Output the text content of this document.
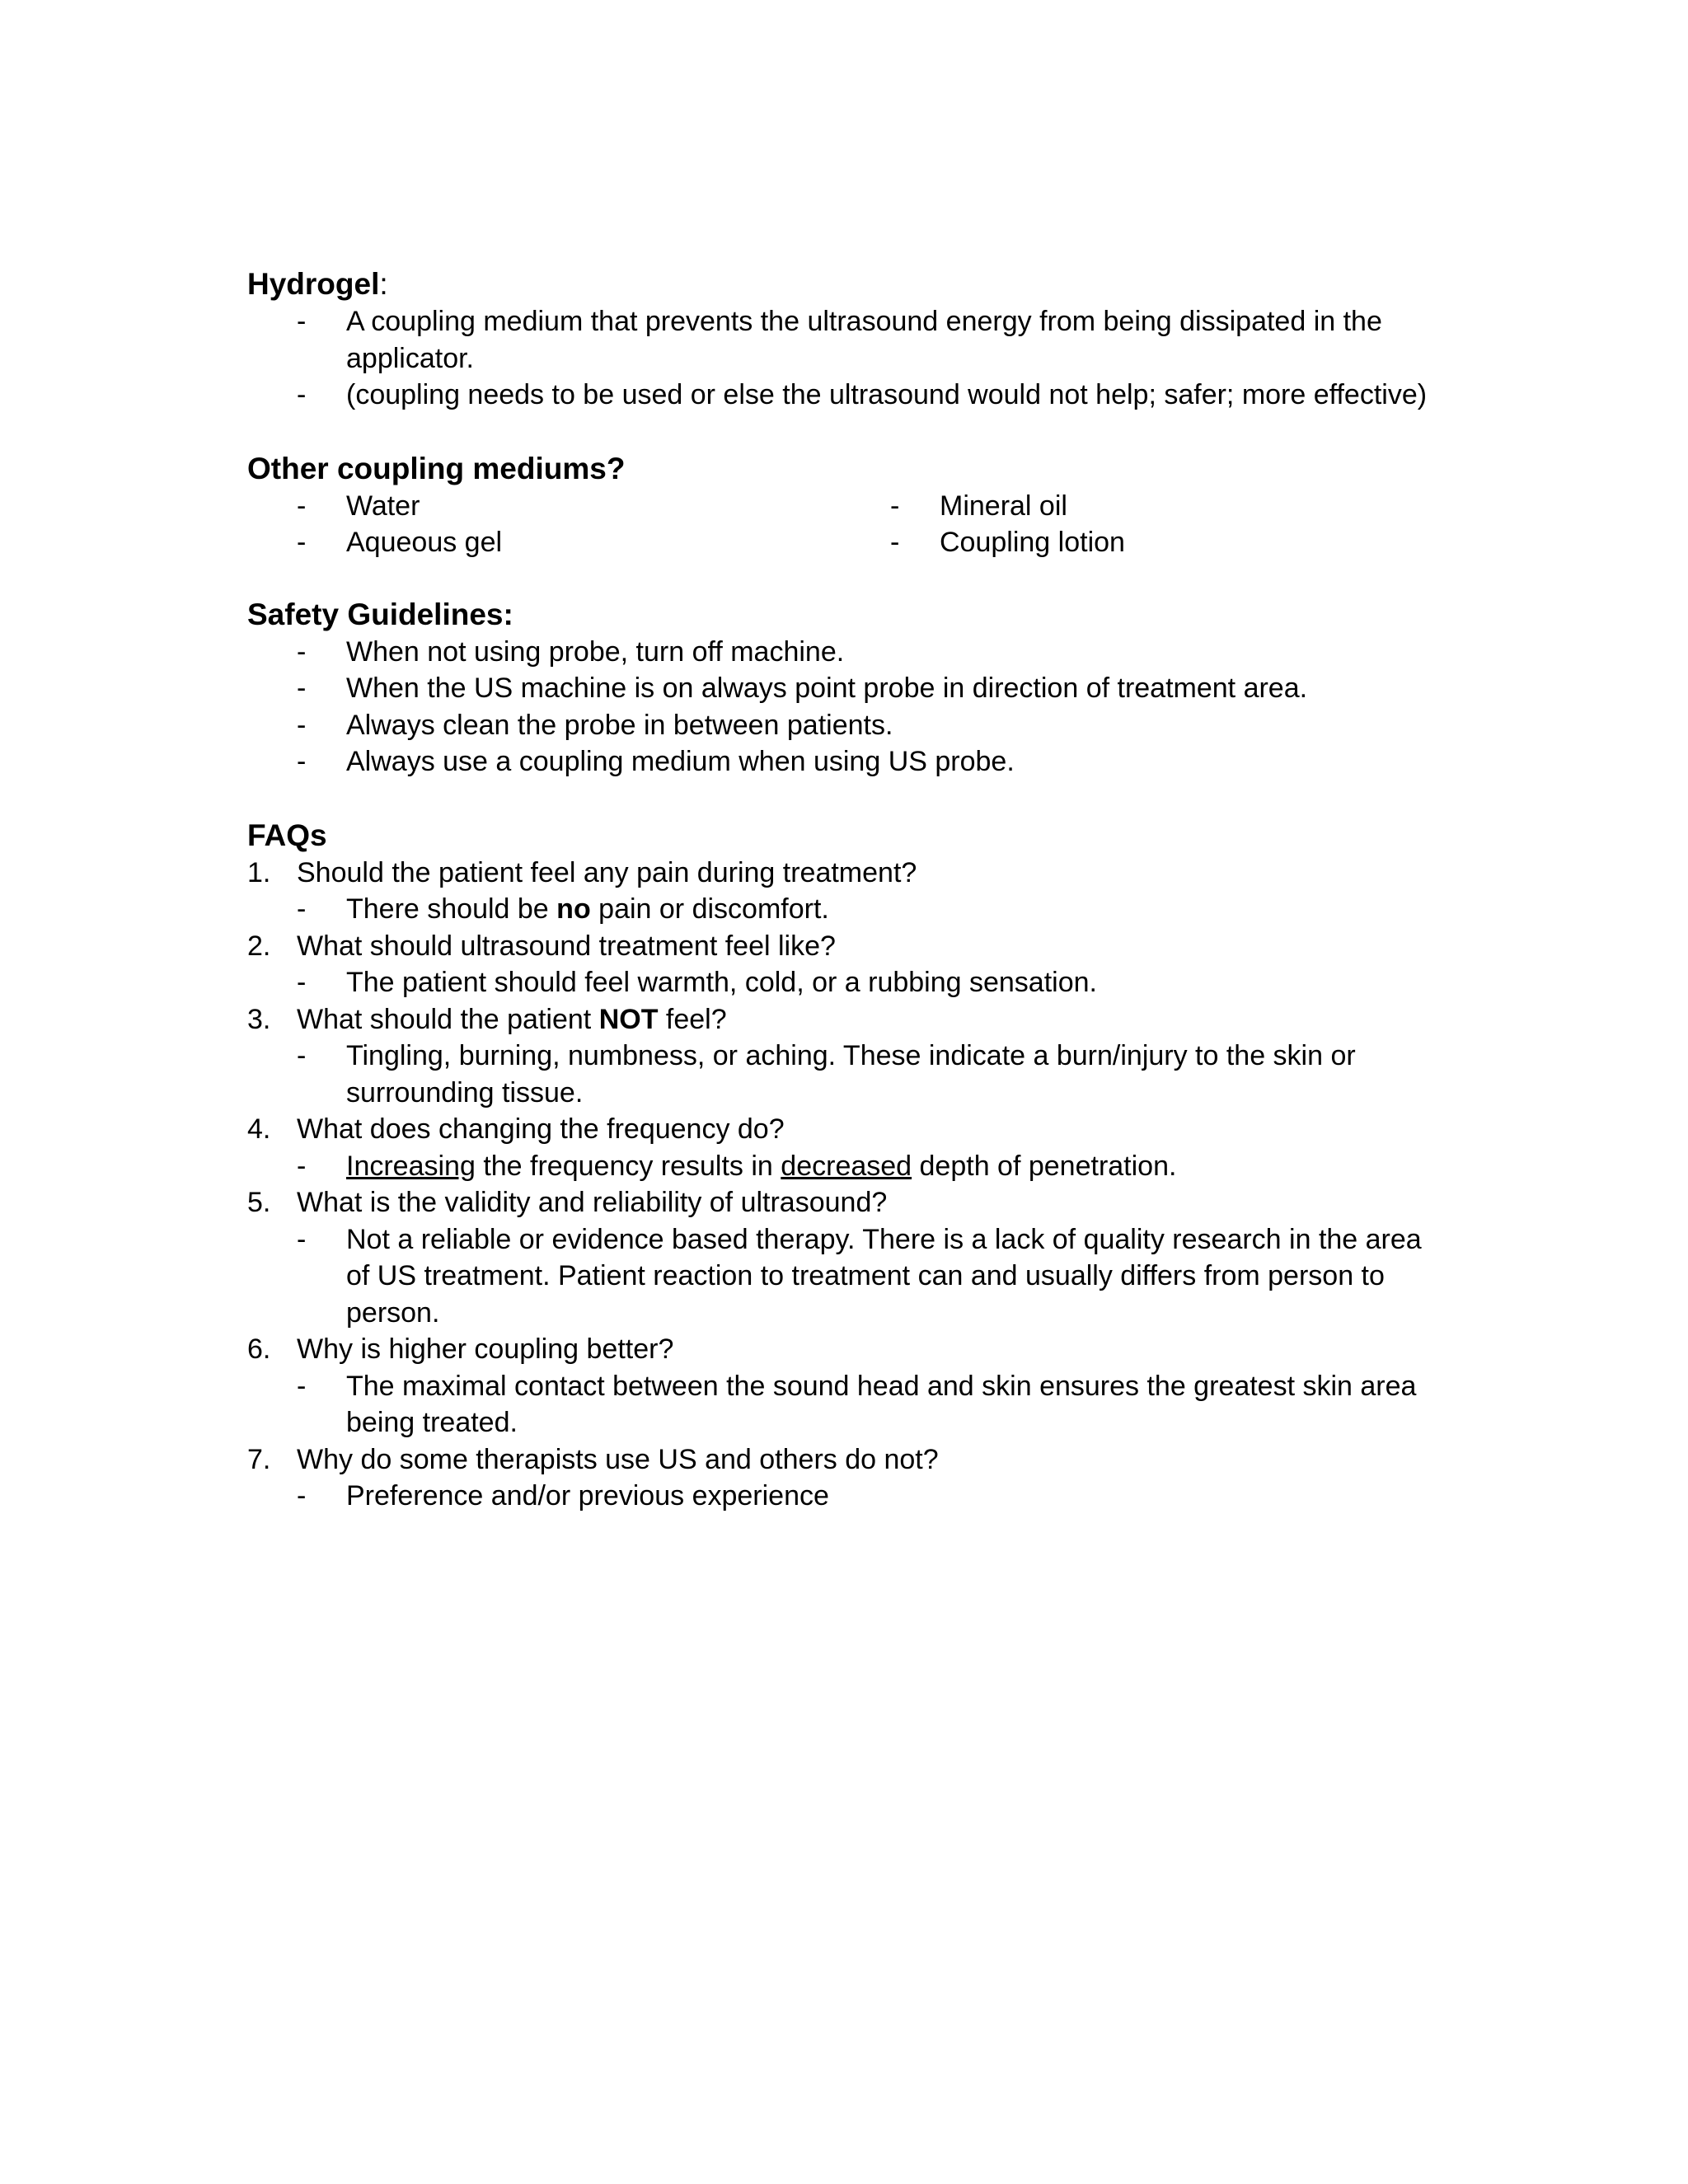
Hydrogel:
- A coupling medium that prevents the ultrasound energy from being dissipated in the applicator.
- (coupling needs to be used or else the ultrasound would not help; safer; more effective)
Other coupling mediums?
- Water
- Aqueous gel
- Mineral oil
- Coupling lotion
Safety Guidelines:
- When not using probe, turn off machine.
- When the US machine is on always point probe in direction of treatment area.
- Always clean the probe in between patients.
- Always use a coupling medium when using US probe.
FAQs
1. Should the patient feel any pain during treatment?
- There should be no pain or discomfort.
2. What should ultrasound treatment feel like?
- The patient should feel warmth, cold, or a rubbing sensation.
3. What should the patient NOT feel?
- Tingling, burning, numbness, or aching. These indicate a burn/injury to the skin or surrounding tissue.
4. What does changing the frequency do?
- Increasing the frequency results in decreased depth of penetration.
5. What is the validity and reliability of ultrasound?
- Not a reliable or evidence based therapy. There is a lack of quality research in the area of US treatment. Patient reaction to treatment can and usually differs from person to person.
6. Why is higher coupling better?
- The maximal contact between the sound head and skin ensures the greatest skin area being treated.
7. Why do some therapists use US and others do not?
- Preference and/or previous experience
